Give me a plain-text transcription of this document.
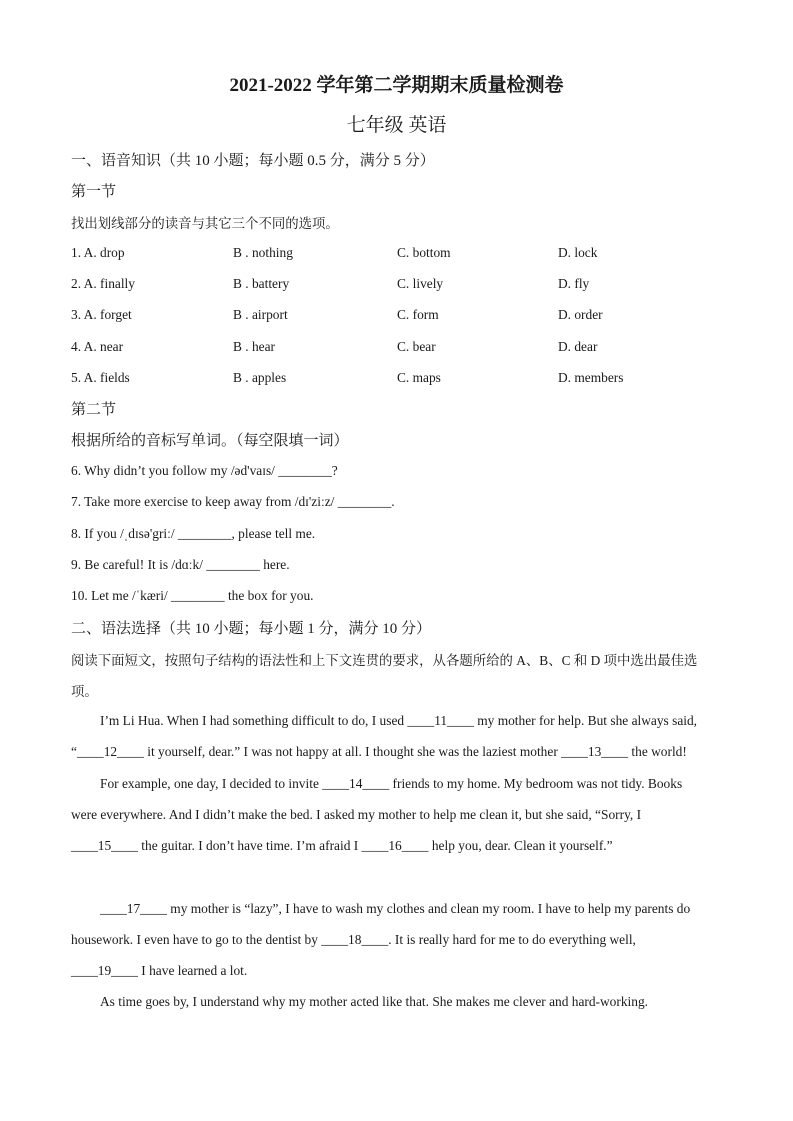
2021-2022 学年第二学期期末质量检测卷
七年级 英语
一、语音知识（共 10 小题；每小题 0.5 分，满分 5 分）
第一节
找出划线部分的读音与其它三个不同的选项。
1. A. drop	B . nothing	C. bottom	D. lock
2. A. finally	B . battery	C. lively	D. fly
3. A. forget	B . airport	C. form	D. order
4. A. near	B . hear	C. bear	D. dear
5. A. fields	B . apples	C. maps	D. members
第二节
根据所给的音标写单词。（每空限填一词）
6. Why didn’t you follow my /əd'vaɪs/ ________?
7. Take more exercise to keep away from /dɪ'ziːz/ ________.
8. If you /ˌdɪsə'griː/ ________, please tell me.
9. Be careful! It is /dɑːk/ ________ here.
10. Let me /ˈkæri/ ________ the box for you.
二、语法选择（共 10 小题；每小题 1 分，满分 10 分）
阅读下面短文，按照句子结构的语法性和上下文连贯的要求，从各题所给的 A、B、C 和 D 项中选出最佳选
项。
I’m Li Hua. When I had something difficult to do, I used ____11____ my mother for help. But she always said,
“____12____ it yourself, dear.” I was not happy at all. I thought she was the laziest mother ____13____ the world!
For example, one day, I decided to invite ____14____ friends to my home. My bedroom was not tidy. Books
were everywhere. And I didn’t make the bed. I asked my mother to help me clean it, but she said, “Sorry, I
____15____ the guitar. I don’t have time. I’m afraid I ____16____ help you, dear. Clean it yourself.”
____17____ my mother is “lazy”, I have to wash my clothes and clean my room. I have to help my parents do
housework. I even have to go to the dentist by ____18____. It is really hard for me to do everything well,
____19____ I have learned a lot.
As time goes by, I understand why my mother acted like that. She makes me clever and hard-working.
